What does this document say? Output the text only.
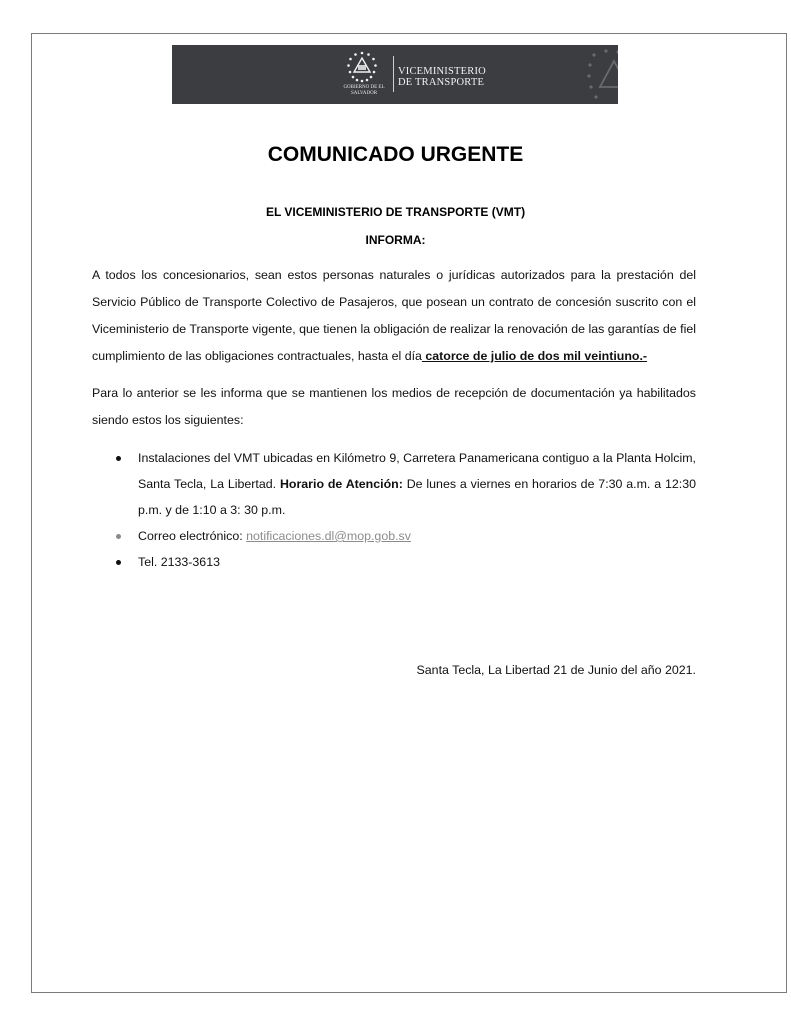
GOBIERNO DE EL SALVADOR
VICEMINISTERIO
DE TRANSPORTE
COMUNICADO URGENTE
EL VICEMINISTERIO DE TRANSPORTE (VMT)
INFORMA:

A todos los concesionarios, sean estos personas naturales o jurídicas autorizados para la prestación del Servicio Público de Transporte Colectivo de Pasajeros, que posean un contrato de concesión suscrito con el Viceministerio de Transporte vigente, que tienen la obligación de realizar la renovación de las garantías de fiel cumplimiento de las obligaciones contractuales, hasta el día catorce de julio de dos mil veintiuno.-

Para lo anterior se les informa que se mantienen los medios de recepción de documentación ya habilitados siendo estos los siguientes:

Instalaciones del VMT ubicadas en Kilómetro 9, Carretera Panamericana contiguo a la Planta Holcim, Santa Tecla, La Libertad. Horario de Atención: De lunes a viernes en horarios de 7:30 a.m. a 12:30 p.m. y de 1:10 a 3: 30 p.m.
Correo electrónico: notificaciones.dl@mop.gob.sv
Tel. 2133-3613
Santa Tecla, La Libertad 21 de Junio del año 2021.
